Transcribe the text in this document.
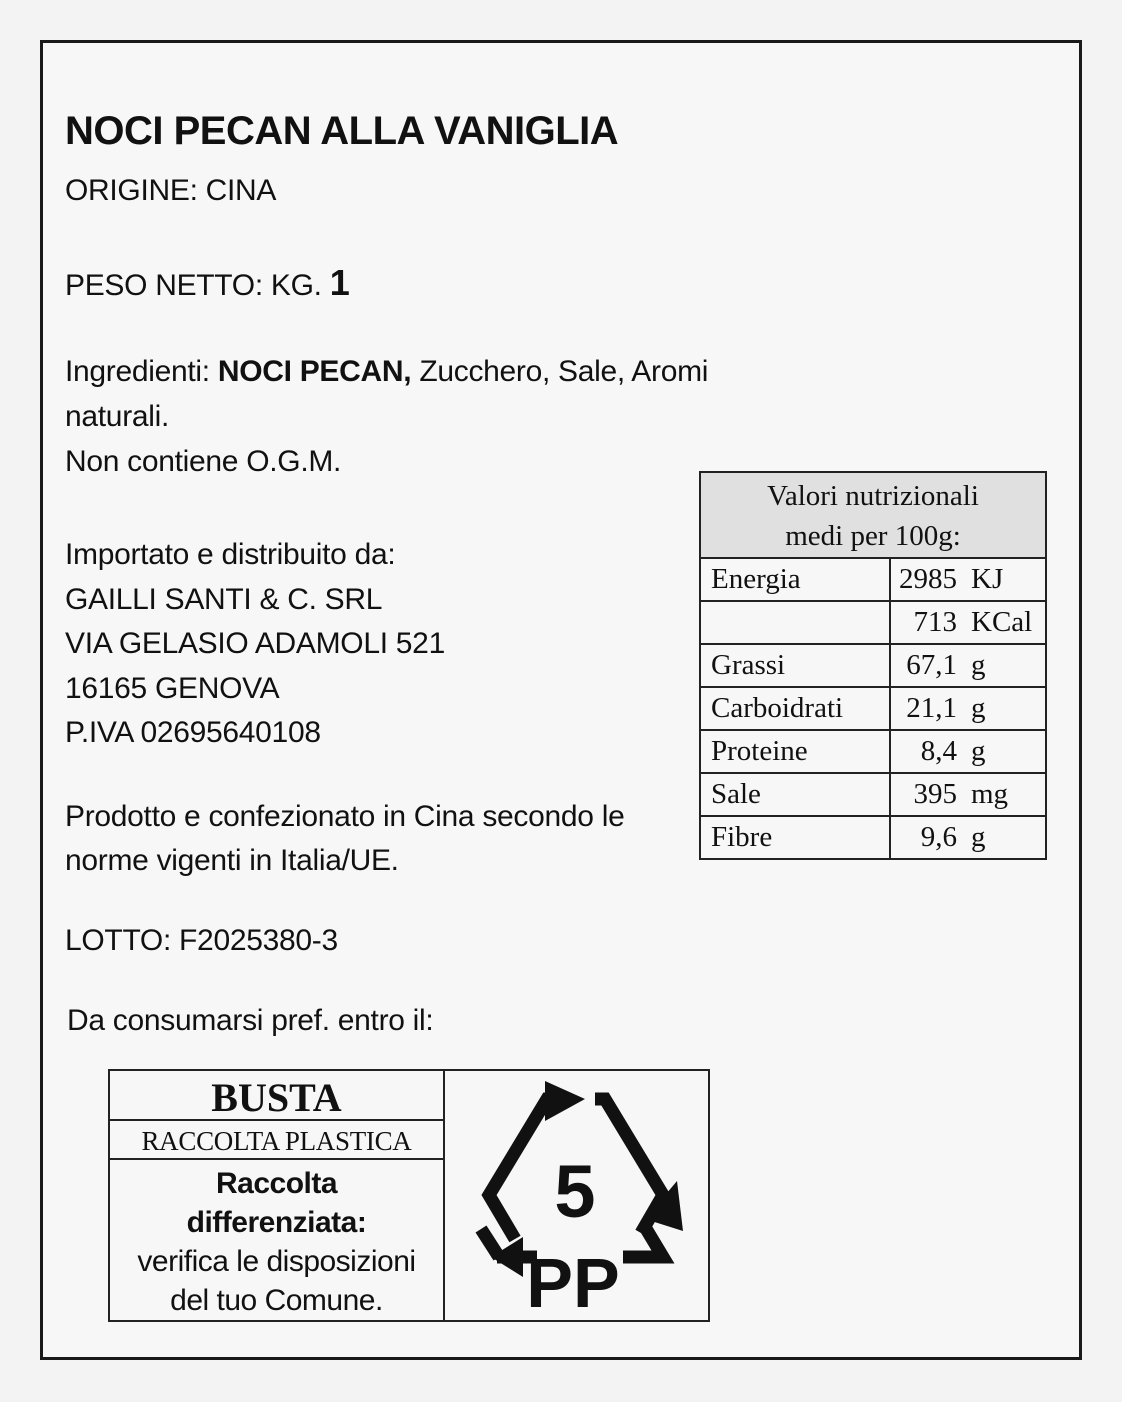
NOCI PECAN ALLA VANIGLIA
ORIGINE: CINA
PESO NETTO: KG. 1
Ingredienti: NOCI PECAN, Zucchero, Sale, Aromi
naturali.
Non contiene O.G.M.
Importato e distribuito da:
GAILLI SANTI & C. SRL
VIA GELASIO ADAMOLI 521
16165 GENOVA
P.IVA 02695640108
Prodotto e confezionato in Cina secondo le
norme vigenti in Italia/UE.
LOTTO: F2025380-3
Da consumarsi pref. entro il:
Valori nutrizionali
medi per 100g:	

Energia	2985 KJ
	713 KCal
Grassi	67,1 g
Carboidrati	21,1 g
Proteine	8,4 g
Sale	395 mg
Fibre	9,6 g
BUSTA
RACCOLTA PLASTICA
Raccolta
differenziata:
verifica le disposizioni
del tuo Comune.
5
PP
